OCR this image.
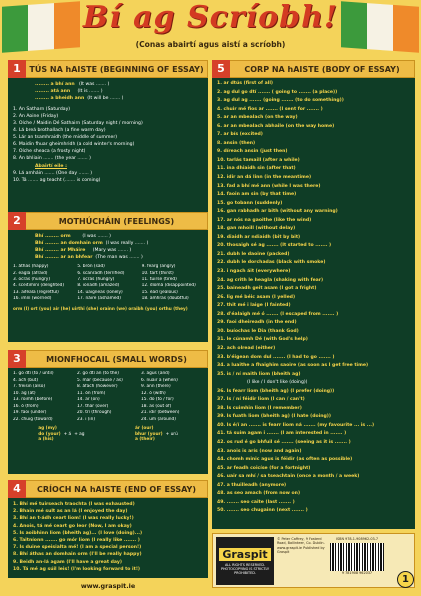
Bí ag Scríobh!
(Conas abairtí agus aistí a scríobh)
1	TÚS NA hAISTE (BEGINNING OF ESSAY)
........ a bhí ann (It was ....... )
........ atá ann (It is ....... )
........ a bheidh ann (It will be ....... )
1. An Satharn (Saturday)
2. An Aoine (Friday)
3. Oíche / Maidin Dé Sathairn (Saturday night / morning)
4. Lá breá brothallach (a fine warm day)
5. Lár an tsamhraidh (the middle of summer)
6. Maidin fhuar gheimhridh (a cold winter's morning)
7. Oíche sheaca (a frosty night)
8. An bhliain ....... (the year ....... )
Abairtí eile :
9. Lá amháin ....... (One day ....... )
10. Tá ....... ag teacht (....... is coming)
2	MOTHÚCHÁIN (FEELINGS)
Bhí ........ orm	(I was ....... )
Bhí ........ an domhain orm (I was really ....... )
Bhí ........ ar Mháire (Mary was ....... )
Bhí ........ ar an bhfear (The man was ....... )
1. áthas (happy)	5. brón (sad)	9. fearg (angry)
2. eagla (afraid)	6. scanradh (terrified)	10. tart (thirst)
3. ocras (hungry)	7. ocras (hungry)	11. tuirse (tired)
4. sceitimíní (delighted)	8. ionadh (amazed)	12. díomá (disappointed)
13. aiféala (regretful)	14. uaigneas (lonely)	15. éad (jealous)
16. imní (worried)	17. náire (ashamed)	18. amhras (doubtful)
orm (I) ort (you) air (he) uirthi (she) orainn (we) oraibh (you) orthu (they)
3	MIONFHOCAIL (SMALL WORDS)
1. go dtí (to / until)	2. go dtí an (to the)	3. agus (and)
4. ach (but)	5. mar (because / as)	6. nuair a (when)
7. freisin (also)	8. áfach (however)	9. ann (there)
10. ag (at)	11. ón (from)	12. ó (with)
13. roimh (before)	14. ar (on)	15. do (to / for)
16. ó (from)	17. thar (over)	18. as (out of)
19. faoi (under)	20. trí (through)	21. idir (between)
22. chuig (toward)	23. i (in)	24. um (around)
ag (my)
do (your)
a (his)
+ á + ag
ár (our)
bhur (your)
a (their)
+ urú
4	CRÍOCH NA hAISTE (END OF ESSAY)
1. Bhí mé tuirseach traochta (I was exhausted)
2. Bhain mé sult as an lá (I enjoyed the day)
3. Bhí an t-ádh ceart liom! (I was really lucky!)
4. Anois, tá mé ceart go leor (Now, I am okay)
5. Is aoibhinn liom (bheith ag)... (I love (doing)...)
6. Taitníonn ....... go mór liom (I really like ....... )
7. Is duine speisialta mé! (I am a special person!)
8. Bhí áthas an domhain orm (I'll be really happy)
9. Beidh an-lá agam (I'll have a great day)
10. Tá mé ag súil leis! (I'm looking forward to it!)
5	CORP NA hAISTE (BODY OF ESSAY)
1. ar dtús (first of all)
2. ag dul go dtí ....... ( going to ....... (a place))
3. ag dul ag ....... (going ....... (to do something))
4. chuir mé fios ar ....... (I sent for ....... )
5. ar an mbealach (on the way)
6. ar an mbealach abhaile (on the way home)
7. ar bís (excited)
8. ansin (then)
9. díreach ansin (just then)
10. tarlás tamaill (after a while)
11. ina dhiaidh sin (after that)
12. idir an dá linn (in the meantime)
13. fad a bhí mé ann (while I was there)
14. faoin am sin (by that time)
15. go tobann (suddenly)
16. gan rabhadh ar bith (without any warning)
17. ar nós na gaoithe (like the wind)
18. gan mhoill (without delay)
19. diaidh ar ndiaidh (bit by bit)
20. thosaigh sé ag ....... (It started to ....... )
21. dubh le daoine (packed)
22. dubh le dorchadas (black with smoke)
23. i ngach áit (everywhere)
24. ag crith le heagla (shaking with fear)
25. baineadh geit asam (I got a fright)
26. lig mé béic asam (I yelled)
27. thit mé i laige (I fainted)
28. d'éalaigh mé ó ....... (I escaped from ....... )
29. faoi dheireadh (in the end)
30. buíochas le Dia (thank God)
31. le cúnamh Dé (with God's help)
32. ach olread (either)
33. b'éigean dom dul ....... (I had to go ....... )
34. a luaithe a fhaighim saoire (as soon as I get free time)
35. is / ní maith liom (bheith ag)
(I like / I don't like (doing))
36. Is fearr liom (bheith ag) (I prefer (doing))
37. Is / ní féidir liom (I can / can't)
38. Is cuimhin liom (I remember)
39. Is fuath liom (bheith ag) (I hate (doing))
40. Is é/í an ....... is fearr liom ná ....... (my favourite ... is ...)
41. tá suim agam i ....... (I am interested in ....... )
42. os rud é go bhfuil sé ....... (seeing as it is ....... )
43. anois is arís (now and again)
44. chomh minic agus is féidir (as often as possible)
45. ar feadh coicíse (for a fortnight)
46. uair sa mhí / sa tseachtain (once a month / a week)
47. a thuilleadh (anymore)
48. as seo amach (from now on)
49. ....... seo caite (last ....... )
50. ....... seo chugainn (next ....... )
www.graspit.ie
Graspit
ALL RIGHTS RESERVED. PHOTOCOPYING IS STRICTLY PROHIBITED.
© Peter Caffrey, 9 Fosterd Road, Ballinteer, Co. Dublin. www.graspit.ie Published by Graspit
ISBN 978-1-908962-03-7
9 781908 962037
1
